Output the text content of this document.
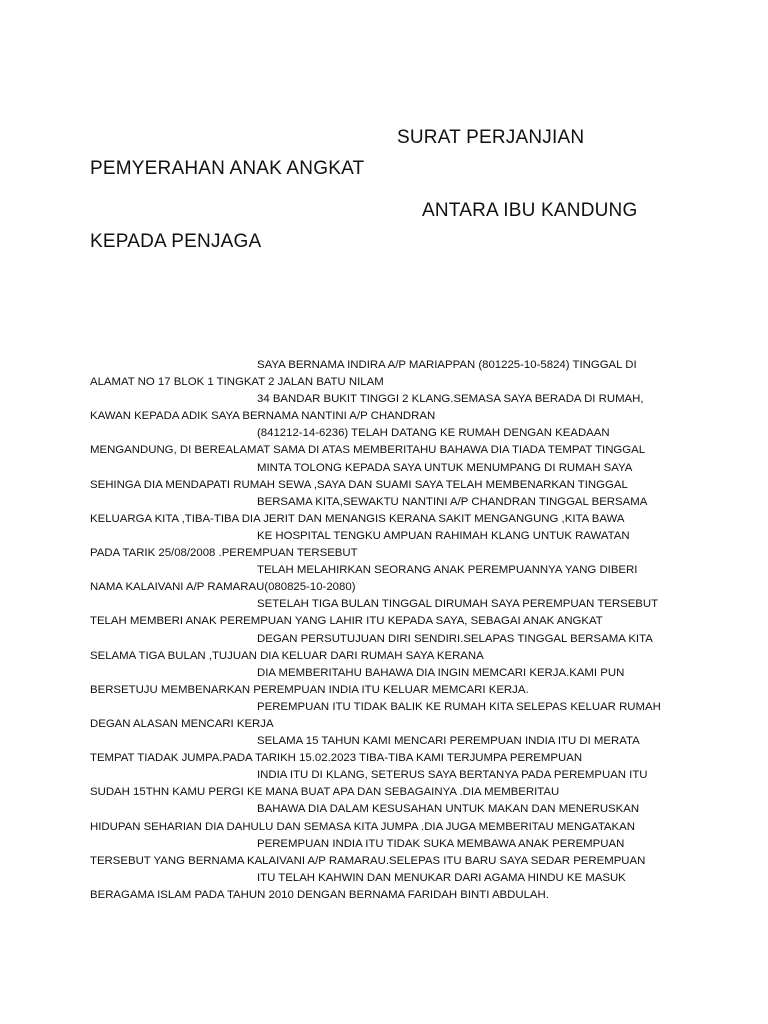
SURAT PERJANJIAN
PEMYERAHAN ANAK ANGKAT
ANTARA IBU KANDUNG
KEPADA PENJAGA
SAYA BERNAMA INDIRA A/P MARIAPPAN (801225-10-5824) TINGGAL DI
ALAMAT NO 17 BLOK 1 TINGKAT 2 JALAN BATU NILAM
34 BANDAR BUKIT TINGGI 2 KLANG.SEMASA SAYA BERADA DI RUMAH,
KAWAN KEPADA ADIK SAYA BERNAMA NANTINI A/P CHANDRAN
(841212-14-6236) TELAH DATANG KE RUMAH DENGAN KEADAAN
MENGANDUNG, DI BEREALAMAT SAMA DI ATAS MEMBERITAHU BAHAWA DIA TIADA TEMPAT TINGGAL
MINTA TOLONG KEPADA SAYA UNTUK MENUMPANG DI RUMAH SAYA
SEHINGA DIA MENDAPATI RUMAH SEWA ,SAYA DAN SUAMI SAYA TELAH MEMBENARKAN TINGGAL
BERSAMA KITA,SEWAKTU NANTINI A/P CHANDRAN TINGGAL BERSAMA
KELUARGA KITA ,TIBA-TIBA DIA JERIT DAN MENANGIS KERANA SAKIT MENGANGUNG ,KITA BAWA
KE HOSPITAL TENGKU AMPUAN RAHIMAH KLANG UNTUK RAWATAN
PADA TARIK 25/08/2008 .PEREMPUAN TERSEBUT
TELAH MELAHIRKAN SEORANG ANAK PEREMPUANNYA YANG DIBERI
NAMA KALAIVANI A/P RAMARAU(080825-10-2080)
SETELAH TIGA BULAN TINGGAL DIRUMAH SAYA PEREMPUAN TERSEBUT
TELAH MEMBERI ANAK PEREMPUAN YANG LAHIR ITU KEPADA SAYA, SEBAGAI ANAK ANGKAT
DEGAN PERSUTUJUAN DIRI SENDIRI.SELAPAS TINGGAL BERSAMA KITA
SELAMA TIGA BULAN ,TUJUAN DIA KELUAR DARI RUMAH SAYA KERANA
DIA MEMBERITAHU BAHAWA DIA INGIN MEMCARI KERJA.KAMI PUN
BERSETUJU MEMBENARKAN PEREMPUAN INDIA ITU KELUAR MEMCARI KERJA.
PEREMPUAN ITU TIDAK BALIK KE RUMAH KITA SELEPAS KELUAR RUMAH
DEGAN ALASAN MENCARI KERJA
SELAMA 15 TAHUN KAMI MENCARI PEREMPUAN INDIA ITU DI MERATA
TEMPAT TIADAK JUMPA.PADA TARIKH 15.02.2023 TIBA-TIBA KAMI TERJUMPA PEREMPUAN
INDIA ITU DI KLANG, SETERUS SAYA BERTANYA PADA PEREMPUAN ITU
SUDAH 15THN KAMU PERGI KE MANA BUAT APA DAN SEBAGAINYA .DIA MEMBERITAU
BAHAWA DIA DALAM KESUSAHAN UNTUK MAKAN DAN MENERUSKAN
HIDUPAN SEHARIAN DIA DAHULU DAN SEMASA KITA JUMPA .DIA JUGA MEMBERITAU MENGATAKAN
PEREMPUAN INDIA ITU TIDAK SUKA MEMBAWA ANAK PEREMPUAN
TERSEBUT YANG BERNAMA KALAIVANI A/P RAMARAU.SELEPAS ITU BARU SAYA SEDAR PEREMPUAN
ITU TELAH KAHWIN DAN MENUKAR DARI AGAMA HINDU KE MASUK
BERAGAMA ISLAM PADA TAHUN 2010 DENGAN BERNAMA FARIDAH BINTI ABDULAH.
